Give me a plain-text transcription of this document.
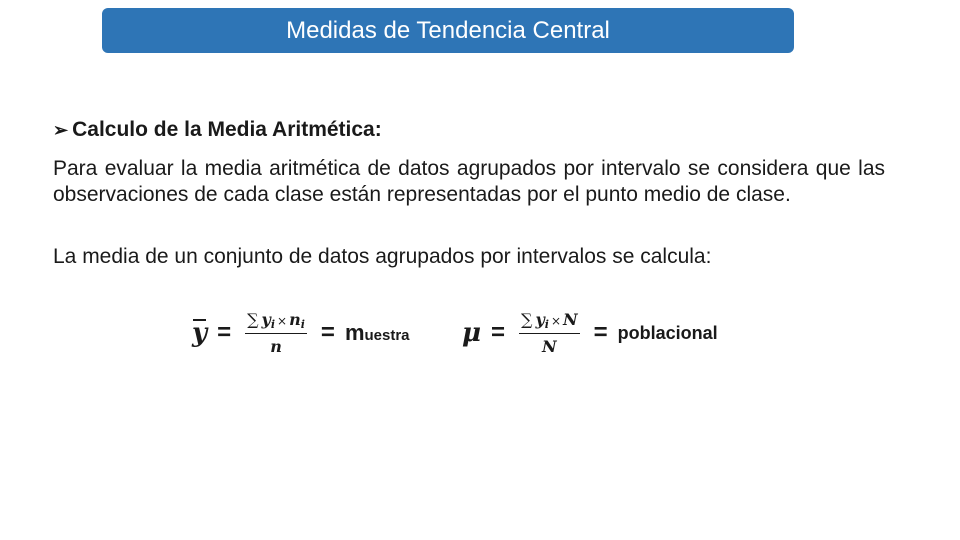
Medidas de Tendencia Central
➢ Calculo de la Media Aritmética:
Para evaluar la media aritmética de datos agrupados por intervalo se considera que las observaciones de cada clase están representadas por el punto medio de clase.
La media de un conjunto de datos agrupados por intervalos se calcula:
$y = \frac{\sum y_i \times n_i}{n}$ = muestra $\mu = \frac{\sum y_i \times N}{N}$ = poblacional
